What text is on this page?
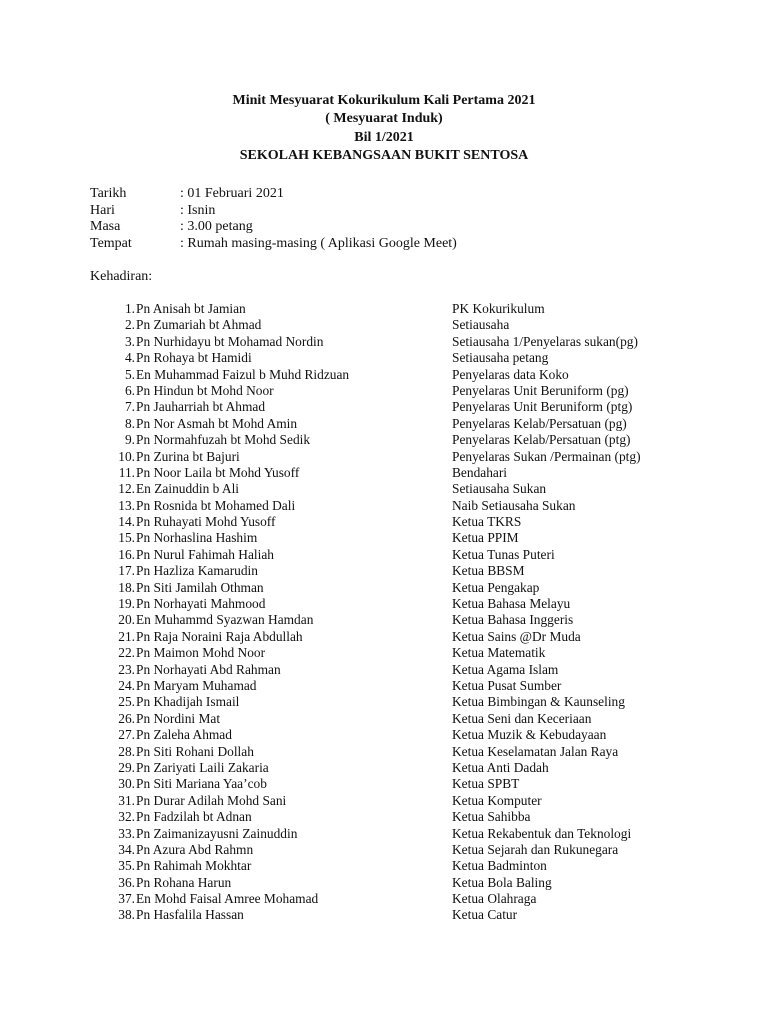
Minit Mesyuarat Kokurikulum Kali Pertama 2021
( Mesyuarat Induk)
Bil 1/2021
SEKOLAH KEBANGSAAN BUKIT SENTOSA
Tarikh	: 01 Februari 2021
Hari	: Isnin
Masa	: 3.00 petang
Tempat	: Rumah masing-masing ( Aplikasi Google Meet)
Kehadiran:
1. Pn Anisah bt Jamian	PK Kokurikulum
2. Pn Zumariah bt Ahmad	Setiausaha
3. Pn Nurhidayu bt Mohamad Nordin	Setiausaha 1/Penyelaras sukan(pg)
4. Pn Rohaya bt Hamidi	Setiausaha petang
5. En Muhammad Faizul b Muhd Ridzuan	Penyelaras data Koko
6. Pn Hindun bt Mohd Noor	Penyelaras Unit Beruniform (pg)
7. Pn Jauharriah bt Ahmad	Penyelaras Unit Beruniform (ptg)
8. Pn Nor Asmah bt Mohd Amin	Penyelaras Kelab/Persatuan (pg)
9. Pn Normahfuzah bt Mohd Sedik	Penyelaras Kelab/Persatuan (ptg)
10. Pn Zurina bt Bajuri	Penyelaras Sukan /Permainan (ptg)
11. Pn Noor Laila bt Mohd Yusoff	Bendahari
12. En Zainuddin b Ali	Setiausaha Sukan
13. Pn Rosnida bt Mohamed Dali	Naib Setiausaha Sukan
14. Pn Ruhayati Mohd Yusoff	Ketua TKRS
15. Pn Norhaslina Hashim	Ketua PPIM
16. Pn Nurul Fahimah Haliah	Ketua Tunas Puteri
17. Pn Hazliza Kamarudin	Ketua BBSM
18. Pn Siti Jamilah Othman	Ketua Pengakap
19. Pn Norhayati Mahmood	Ketua Bahasa Melayu
20. En Muhammd Syazwan Hamdan	Ketua Bahasa Inggeris
21. Pn Raja Noraini Raja Abdullah	Ketua Sains @Dr Muda
22. Pn Maimon Mohd Noor	Ketua Matematik
23. Pn Norhayati Abd Rahman	Ketua Agama Islam
24. Pn Maryam Muhamad	Ketua Pusat Sumber
25. Pn Khadijah Ismail	Ketua Bimbingan & Kaunseling
26. Pn Nordini Mat	Ketua Seni dan Keceriaan
27. Pn Zaleha Ahmad	Ketua Muzik & Kebudayaan
28. Pn Siti Rohani Dollah	Ketua Keselamatan Jalan Raya
29. Pn Zariyati Laili Zakaria	Ketua Anti Dadah
30. Pn Siti Mariana Yaa’cob	Ketua SPBT
31. Pn Durar Adilah Mohd Sani	Ketua Komputer
32. Pn Fadzilah bt Adnan	Ketua Sahibba
33. Pn Zaimanizayusni Zainuddin	Ketua Rekabentuk dan Teknologi
34. Pn Azura Abd Rahmn	Ketua Sejarah dan Rukunegara
35. Pn Rahimah Mokhtar	Ketua Badminton
36. Pn Rohana Harun	Ketua Bola Baling
37. En Mohd Faisal Amree Mohamad	Ketua Olahraga
38. Pn Hasfalila Hassan	Ketua Catur
